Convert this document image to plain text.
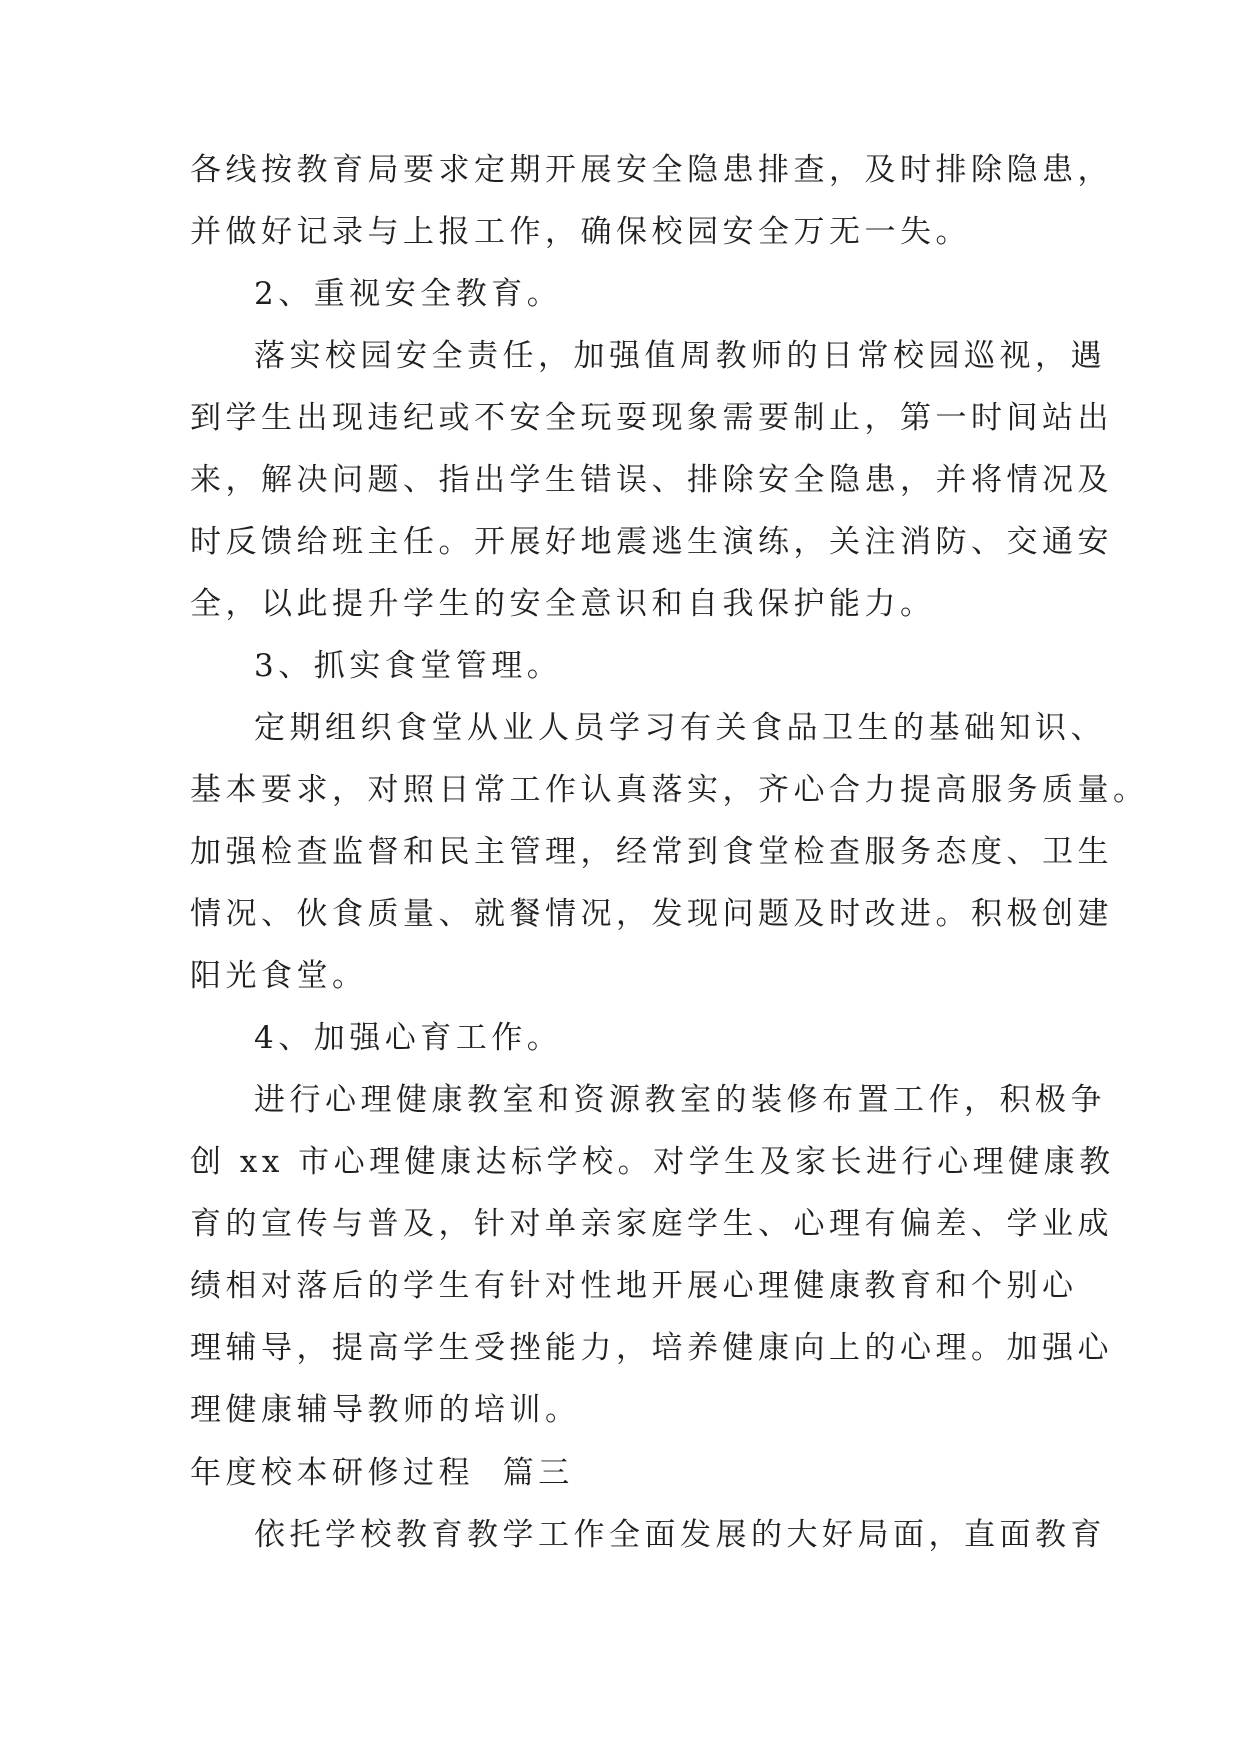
各线按教育局要求定期开展安全隐患排查，及时排除隐患，
并做好记录与上报工作，确保校园安全万无一失。
2、重视安全教育。
落实校园安全责任，加强值周教师的日常校园巡视，遇
到学生出现违纪或不安全玩耍现象需要制止，第一时间站出
来，解决问题、指出学生错误、排除安全隐患，并将情况及
时反馈给班主任。开展好地震逃生演练，关注消防、交通安
全，以此提升学生的安全意识和自我保护能力。
3、抓实食堂管理。
定期组织食堂从业人员学习有关食品卫生的基础知识、
基本要求，对照日常工作认真落实，齐心合力提高服务质量。
加强检查监督和民主管理，经常到食堂检查服务态度、卫生
情况、伙食质量、就餐情况，发现问题及时改进。积极创建
阳光食堂。
4、加强心育工作。
进行心理健康教室和资源教室的装修布置工作，积极争
创 xx 市心理健康达标学校。对学生及家长进行心理健康教
育的宣传与普及，针对单亲家庭学生、心理有偏差、学业成
绩相对落后的学生有针对性地开展心理健康教育和个别心
理辅导，提高学生受挫能力，培养健康向上的心理。加强心
理健康辅导教师的培训。
年度校本研修过程  篇三
依托学校教育教学工作全面发展的大好局面，直面教育
